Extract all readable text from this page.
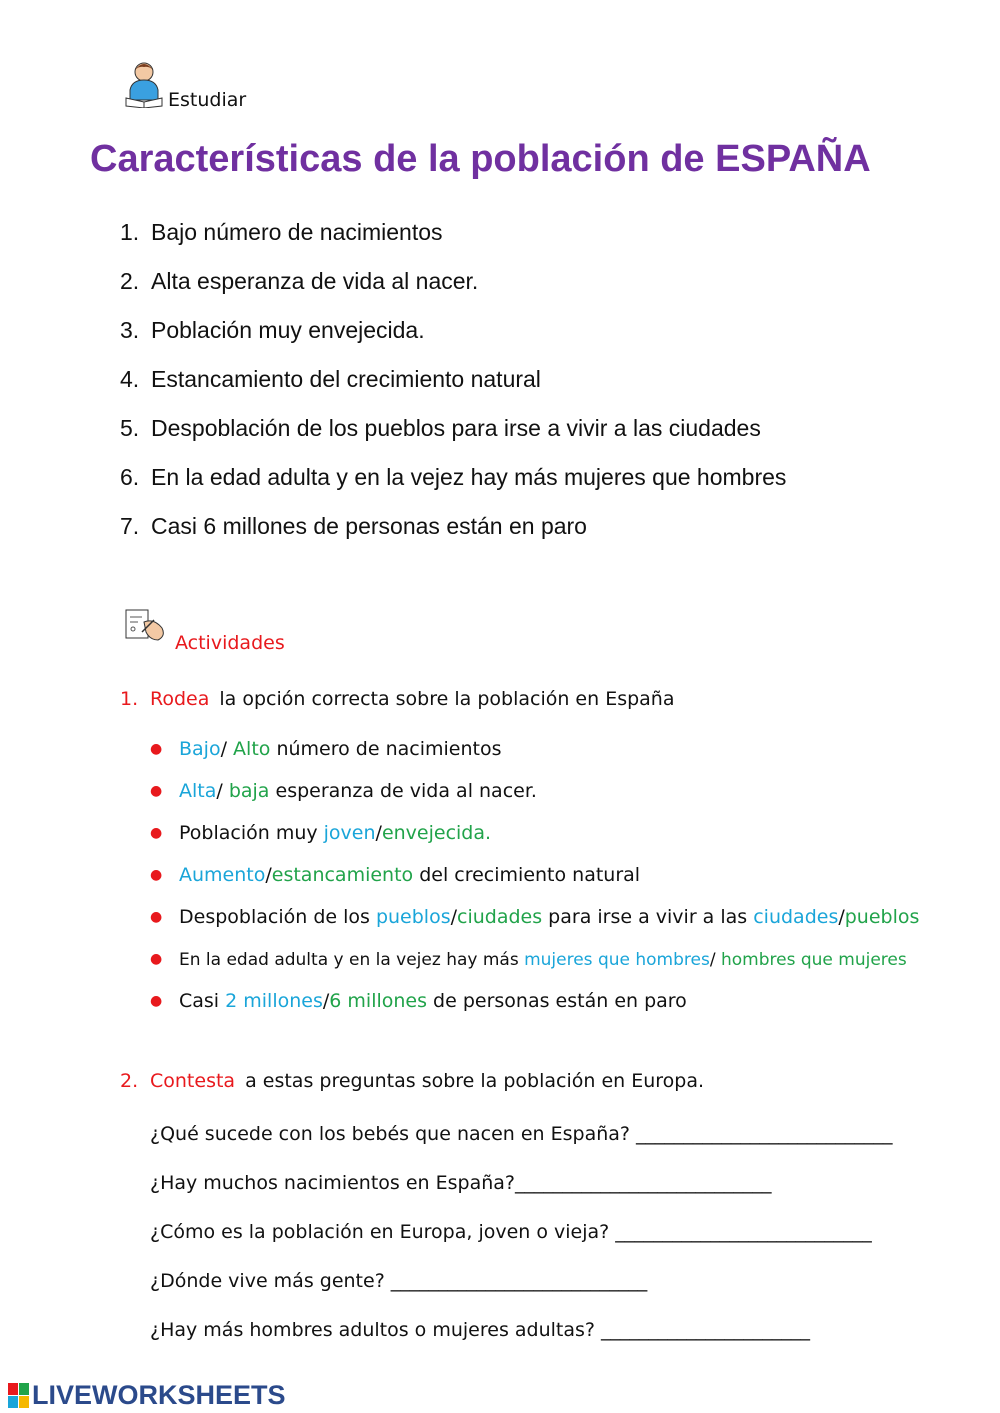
Estudiar
Características de la población de ESPAÑA
1. Bajo número de nacimientos
2. Alta esperanza de vida al nacer.
3. Población muy envejecida.
4. Estancamiento del crecimiento natural
5. Despoblación de los pueblos para irse a vivir a las ciudades
6. En la edad adulta y en la vejez hay más mujeres que hombres
7. Casi 6 millones de personas están en paro
Actividades
1. Rodea la opción correcta sobre la población en España
● Bajo/ Alto número de nacimientos
● Alta/ baja esperanza de vida al nacer.
● Población muy joven/envejecida.
● Aumento/estancamiento del crecimiento natural
● Despoblación de los pueblos/ciudades para irse a vivir a las ciudades/pueblos
● En la edad adulta y en la vejez hay más mujeres que hombres/ hombres que mujeres
● Casi 2 millones/6 millones de personas están en paro
2. Contesta a estas preguntas sobre la población en Europa.
¿Qué sucede con los bebés que nacen en España? ___________________________
¿Hay muchos nacimientos en España?___________________________
¿Cómo es la población en Europa, joven o vieja? ___________________________
¿Dónde vive más gente? ___________________________
¿Hay más hombres adultos o mujeres adultas? ______________________
LIVEWORKSHEETS
